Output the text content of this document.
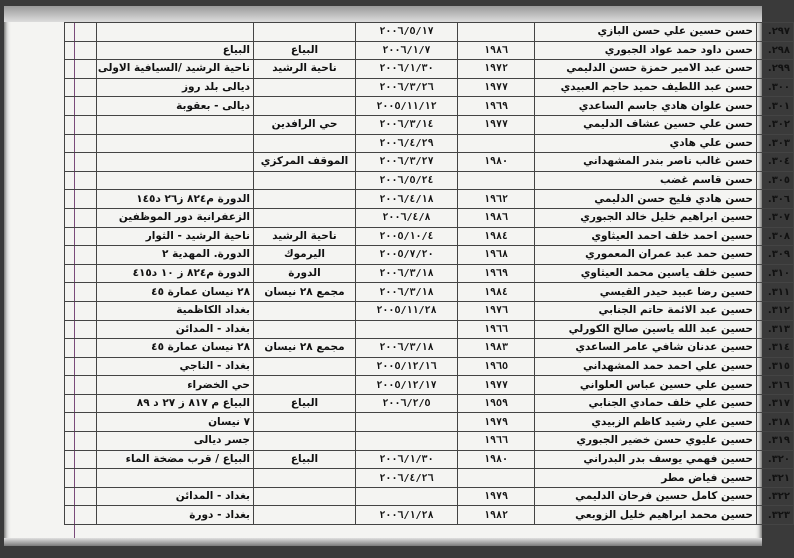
٢٩٧.	حسن حسين علي حسن البازي		٢٠٠٦/٥/١٧			
٢٩٨.	حسن داود حمد عواد الجبوري	١٩٨٦	٢٠٠٦/١/٧	البياع	البياع	
٢٩٩.	حسن عبد الامير حمزة حسن الدليمي	١٩٧٢	٢٠٠٦/١/٣٠	ناحية الرشيد	ناحية الرشيد /السيافية الاولى	
٣٠٠.	حسن عبد اللطيف حميد حاجم العبيدي	١٩٧٧	٢٠٠٦/٣/٢٦		ديالى بلد روز	
٣٠١.	حسن علوان هادي جاسم الساعدي	١٩٦٩	٢٠٠٥/١١/١٢		ديالى - بعقوبة	
٣٠٢.	حسن علي حسين عشاف الدليمي	١٩٧٧	٢٠٠٦/٣/١٤	حي الرافدين		
٣٠٣.	حسن علي هادي		٢٠٠٦/٤/٢٩			
٣٠٤.	حسن غالب ناصر بندر المشهداني	١٩٨٠	٢٠٠٦/٣/٢٧	الموقف المركزي		
٣٠٥.	حسن قاسم غضب		٢٠٠٦/٥/٢٤			
٣٠٦.	حسن هادي فليح حسن الدليمي	١٩٦٢	٢٠٠٦/٤/١٨		الدورة م٨٢٤ ز٢٦ د١٤٥	
٣٠٧.	حسين ابراهيم خليل خالد الجبوري	١٩٨٦	٢٠٠٦/٤/٨		الزعفرانية دور الموظفين	
٣٠٨.	حسين احمد خلف احمد العيثاوي	١٩٨٤	٢٠٠٥/١٠/٤	ناحية الرشيد	ناحية الرشيد - الثوار	
٣٠٩.	حسين حمد عبد عمران المعموري	١٩٦٨	٢٠٠٥/٧/٢٠	اليرموك	الدورة. المهدية ٢	
٣١٠.	حسين خلف ياسين محمد العيثاوي	١٩٦٩	٢٠٠٦/٣/١٨	الدورة	الدورة م٨٢٤ ز ١٠ د٤١٥	
٣١١.	حسين رضا عبيد حيدر القيسي	١٩٨٤	٢٠٠٦/٣/١٨	مجمع ٢٨ نيسان	٢٨ نيسان عمارة ٤٥	
٣١٢.	حسين عبد الائمة حاتم الجنابي	١٩٧٦	٢٠٠٥/١١/٢٨		بغداد الكاظمية	
٣١٣.	حسين عبد الله ياسين صالح الكورلي	١٩٦٦			بغداد - المدائن	
٣١٤.	حسين عدنان شافي عامر الساعدي	١٩٨٣	٢٠٠٦/٣/١٨	مجمع ٢٨ نيسان	٢٨ نيسان عمارة ٤٥	
٣١٥.	حسين علي احمد حمد المشهداني	١٩٦٥	٢٠٠٥/١٢/١٦		بغداد - الناجي	
٣١٦.	حسين علي حسين عباس العلواني	١٩٧٧	٢٠٠٥/١٢/١٧		حي الخضراء	
٣١٧.	حسين علي خلف حمادي الجنابي	١٩٥٩	٢٠٠٦/٢/٥	البياع	البياع م ٨١٧ ز ٢٧ د ٨٩	
٣١٨.	حسين علي رشيد كاظم الزبيدي	١٩٧٩			٧ نيسان	
٣١٩.	حسين عليوي حسن خضير الجبوري	١٩٦٦			جسر ديالى	
٣٢٠.	حسين فهمي يوسف بدر البدراني	١٩٨٠	٢٠٠٦/١/٣٠	البياع	البياع / قرب مضخة الماء	
٣٢١.	حسين فياض مطر		٢٠٠٦/٤/٢٦			
٣٢٢.	حسين كامل حسين فرحان الدليمي	١٩٧٩			بغداد - المدائن	
٣٢٣.	حسين محمد ابراهيم خليل الزوبعي	١٩٨٢	٢٠٠٦/١/٢٨		بغداد - دورة	
